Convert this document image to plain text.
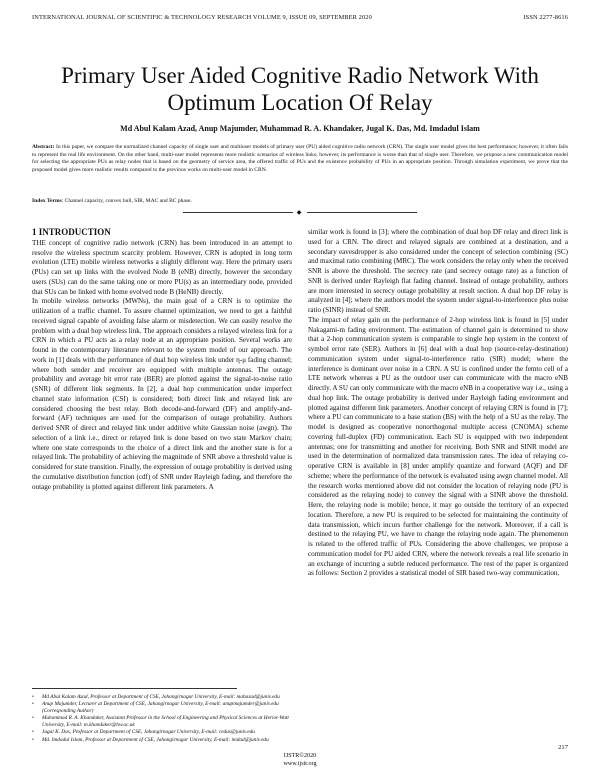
INTERNATIONAL JOURNAL OF SCIENTIFIC & TECHNOLOGY RESEARCH VOLUME 9, ISSUE 09, SEPTEMBER 2020	ISSN 2277-8616
Primary User Aided Cognitive Radio Network With Optimum Location Of Relay
Md Abul Kalam Azad, Anup Majumder, Muhammad R. A. Khandaker, Jugal K. Das, Md. Imdadul Islam
Abstract: In this paper, we compare the normalized channel capacity of single user and multiuser models of primary user (PU) aided cognitive radio network (CRN). The single user model gives the best performance; however, it often fails to represent the real life environment. On the other hand, multi-user model represents more realistic scenarios of wireless links; however, its performance is worse than that of single user. Therefore, we propose a new communication model for selecting the appropriate PUs as relay nodes that is based on the geometry of service area, the offered traffic of PUs and the existence probability of PUs in an appropriate position. Through simulation experiment, we prove that the proposed model gives more realistic results compared to the previous works on multi-user model in CRN.
Index Terms: Channel capacity, convex hull, SIR, MAC and BC phase.
◆
1 INTRODUCTION

THE concept of cognitive radio network (CRN) has been introduced in an attempt to resolve the wireless spectrum scarcity problem. However, CRN is adopted in long term evolution (LTE) mobile wireless networks a slightly different way. Here the primary users (PUs) can set up links with the evolved Node B (eNB) directly, however the secondary users (SUs) can do the same taking one or more PU(s) as an intermediary node, provided that SUs can be linked with home evolved node B (HeNB) directly.

In mobile wireless networks (MWNs), the main goal of a CRN is to optimize the utilization of a traffic channel. To assure channel optimization, we need to get a faithful received signal capable of avoiding false alarm or misdetection. We can easily resolve the problem with a dual hop wireless link. The approach considers a relayed wireless link for a CRN in which a PU acts as a relay node at an appropriate position. Several works are found in the contemporary literature relevant to the system model of our approach. The work in [1] deals with the performance of dual hop wireless link under η-μ fading channel; where both sender and receiver are equipped with multiple antennas. The outage probability and average bit error rate (BER) are plotted against the signal-to-noise ratio (SNR) of different link segments. In [2], a dual hop communication under imperfect channel state information (CSI) is considered; both direct link and relayed link are considered choosing the best relay. Both decode-and-forward (DF) and amplify-and-forward (AF) techniques are used for the comparison of outage probability. Authors derived SNR of direct and relayed link under additive white Gaussian noise (awgn). The selection of a link i.e., direct or relayed link is done based on two state Markov chain; where one state corresponds to the choice of a direct link and the another state is for a relayed link. The probability of achieving the magnitude of SNR above a threshold value is considered for state transition. Finally, the expression of outage probability is derived using the cumulative distribution function (cdf) of SNR under Rayleigh fading, and therefore the outage probability is plotted against different link parameters. A

similar work is found in [3]; where the combination of dual hop DF relay and direct link is used for a CRN. The direct and relayed signals are combined at a destination, and a secondary eavesdropper is also considered under the concept of selection combining (SC) and maximal ratio combining (MRC). The work considers the relay only when the received SNR is above the threshold. The secrecy rate (and secrecy outage rate) as a function of SNR is derived under Rayleigh flat fading channel. Instead of outage probability, authors are more interested in secrecy outage probability at result section. A dual hop DF relay is analyzed in [4]; where the authors model the system under signal-to-interference plus noise ratio (SINR) instead of SNR.

The impact of relay gain on the performance of 2-hop wireless link is found in [5] under Nakagami-m fading environment. The estimation of channel gain is determined to show that a 2-hop communication system is comparable to single hop system in the context of symbol error rate (SER). Authors in [6] deal with a dual hop (source-relay-destination) communication system under signal-to-interference ratio (SIR) model; where the interference is dominant over noise in a CRN. A SU is confined under the femto cell of a LTE network whereas a PU as the outdoor user can communicate with the macro eNB directly. A SU can only communicate with the macro eNB in a cooperative way i.e., using a dual hop link. The outage probability is derived under Rayleigh fading environment and plotted against different link parameters. Another concept of relaying CRN is found in [7]; where a PU can communicate to a base station (BS) with the help of a SU as the relay. The model is designed as cooperative nonorthogonal multiple access (CNOMA) scheme covering full-duplex (FD) communication. Each SU is equipped with two independent antennas; one for transmitting and another for receiving. Both SNR and SINR model are used in the determination of normalized data transmission rates. The idea of relaying co-operative CRN is available in [8] under amplify quantize and forward (AQF) and DF scheme; where the performance of the network is evaluated using awgn channel model. All the research works mentioned above did not consider the location of relaying node (PU is considered as the relaying node) to convey the signal with a SINR above the threshold. Here, the relaying node is mobile; hence, it may go outside the territory of an expected location. Therefore, a new PU is required to be selected for maintaining the continuity of data transmission, which incurs further challenge for the network. Moreover, if a call is destined to the relaying PU, we have to change the relaying node again. The phenomenon is related to the offered traffic of PUs. Considering the above challenges, we propose a communication model for PU aided CRN, where the network reveals a real life scenario in an exchange of incurring a subtle reduced performance. The rest of the paper is organized as follows: Section 2 provides a statistical model of SIR based two-way communication,

• Md Abul Kalam Azad, Professor at Department of CSE, Jahangirnagar University, E-mail: mahazad@juniv.edu
• Anup Majumder, Lecturer at Department of CSE, Jahangirnagar University, E-mail: anupmajumder@juniv.edu (Corresponding Author)
• Muhammad R. A. Khandaker, Assistant Professor in the School of Engineering and Physical Sciences at Heriot-Watt University, E-mail: m.khandaker@hw.ac.uk
• Jugal K. Das, Professor at Department of CSE, Jahangirnagar University, E-mail: cedas@juniv.edu
• Md. Imdadul Islam, Professor at Department of CSE, Jahangirnagar University, E-mail: imdad@juniv.edu
217
IJSTR©2020
www.ijstr.org
